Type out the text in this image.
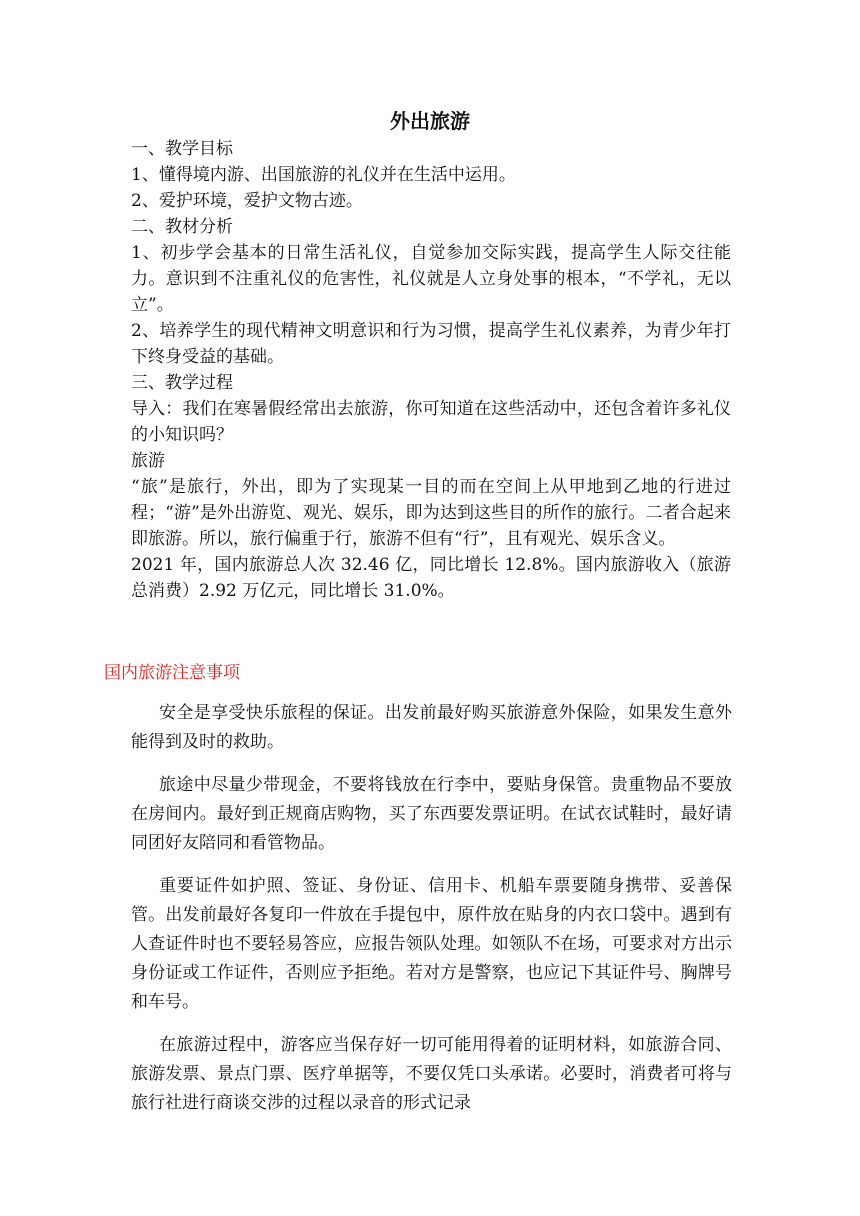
外出旅游

一、教学目标

1、懂得境内游、出国旅游的礼仪并在生活中运用。

2、爱护环境，爱护文物古迹。

二、教材分析

1、初步学会基本的日常生活礼仪，自觉参加交际实践，提高学生人际交往能力。意识到不注重礼仪的危害性，礼仪就是人立身处事的根本，“不学礼，无以立”。

2、培养学生的现代精神文明意识和行为习惯，提高学生礼仪素养，为青少年打下终身受益的基础。

三、教学过程

导入：我们在寒暑假经常出去旅游，你可知道在这些活动中，还包含着许多礼仪的小知识吗？

旅游

“旅”是旅行，外出，即为了实现某一目的而在空间上从甲地到乙地的行进过程；“游”是外出游览、观光、娱乐，即为达到这些目的所作的旅行。二者合起来即旅游。所以，旅行偏重于行，旅游不但有“行”，且有观光、娱乐含义。

2021 年，国内旅游总人次 32.46 亿，同比增长 12.8%。国内旅游收入（旅游总消费）2.92 万亿元，同比增长 31.0%。

国内旅游注意事项

安全是享受快乐旅程的保证。出发前最好购买旅游意外保险，如果发生意外能得到及时的救助。

旅途中尽量少带现金，不要将钱放在行李中，要贴身保管。贵重物品不要放在房间内。最好到正规商店购物，买了东西要发票证明。在试衣试鞋时，最好请同团好友陪同和看管物品。

重要证件如护照、签证、身份证、信用卡、机船车票要随身携带、妥善保管。出发前最好各复印一件放在手提包中，原件放在贴身的内衣口袋中。遇到有人查证件时也不要轻易答应，应报告领队处理。如领队不在场，可要求对方出示身份证或工作证件，否则应予拒绝。若对方是警察，也应记下其证件号、胸牌号和车号。

在旅游过程中，游客应当保存好一切可能用得着的证明材料，如旅游合同、旅游发票、景点门票、医疗单据等，不要仅凭口头承诺。必要时，消费者可将与旅行社进行商谈交涉的过程以录音的形式记录
